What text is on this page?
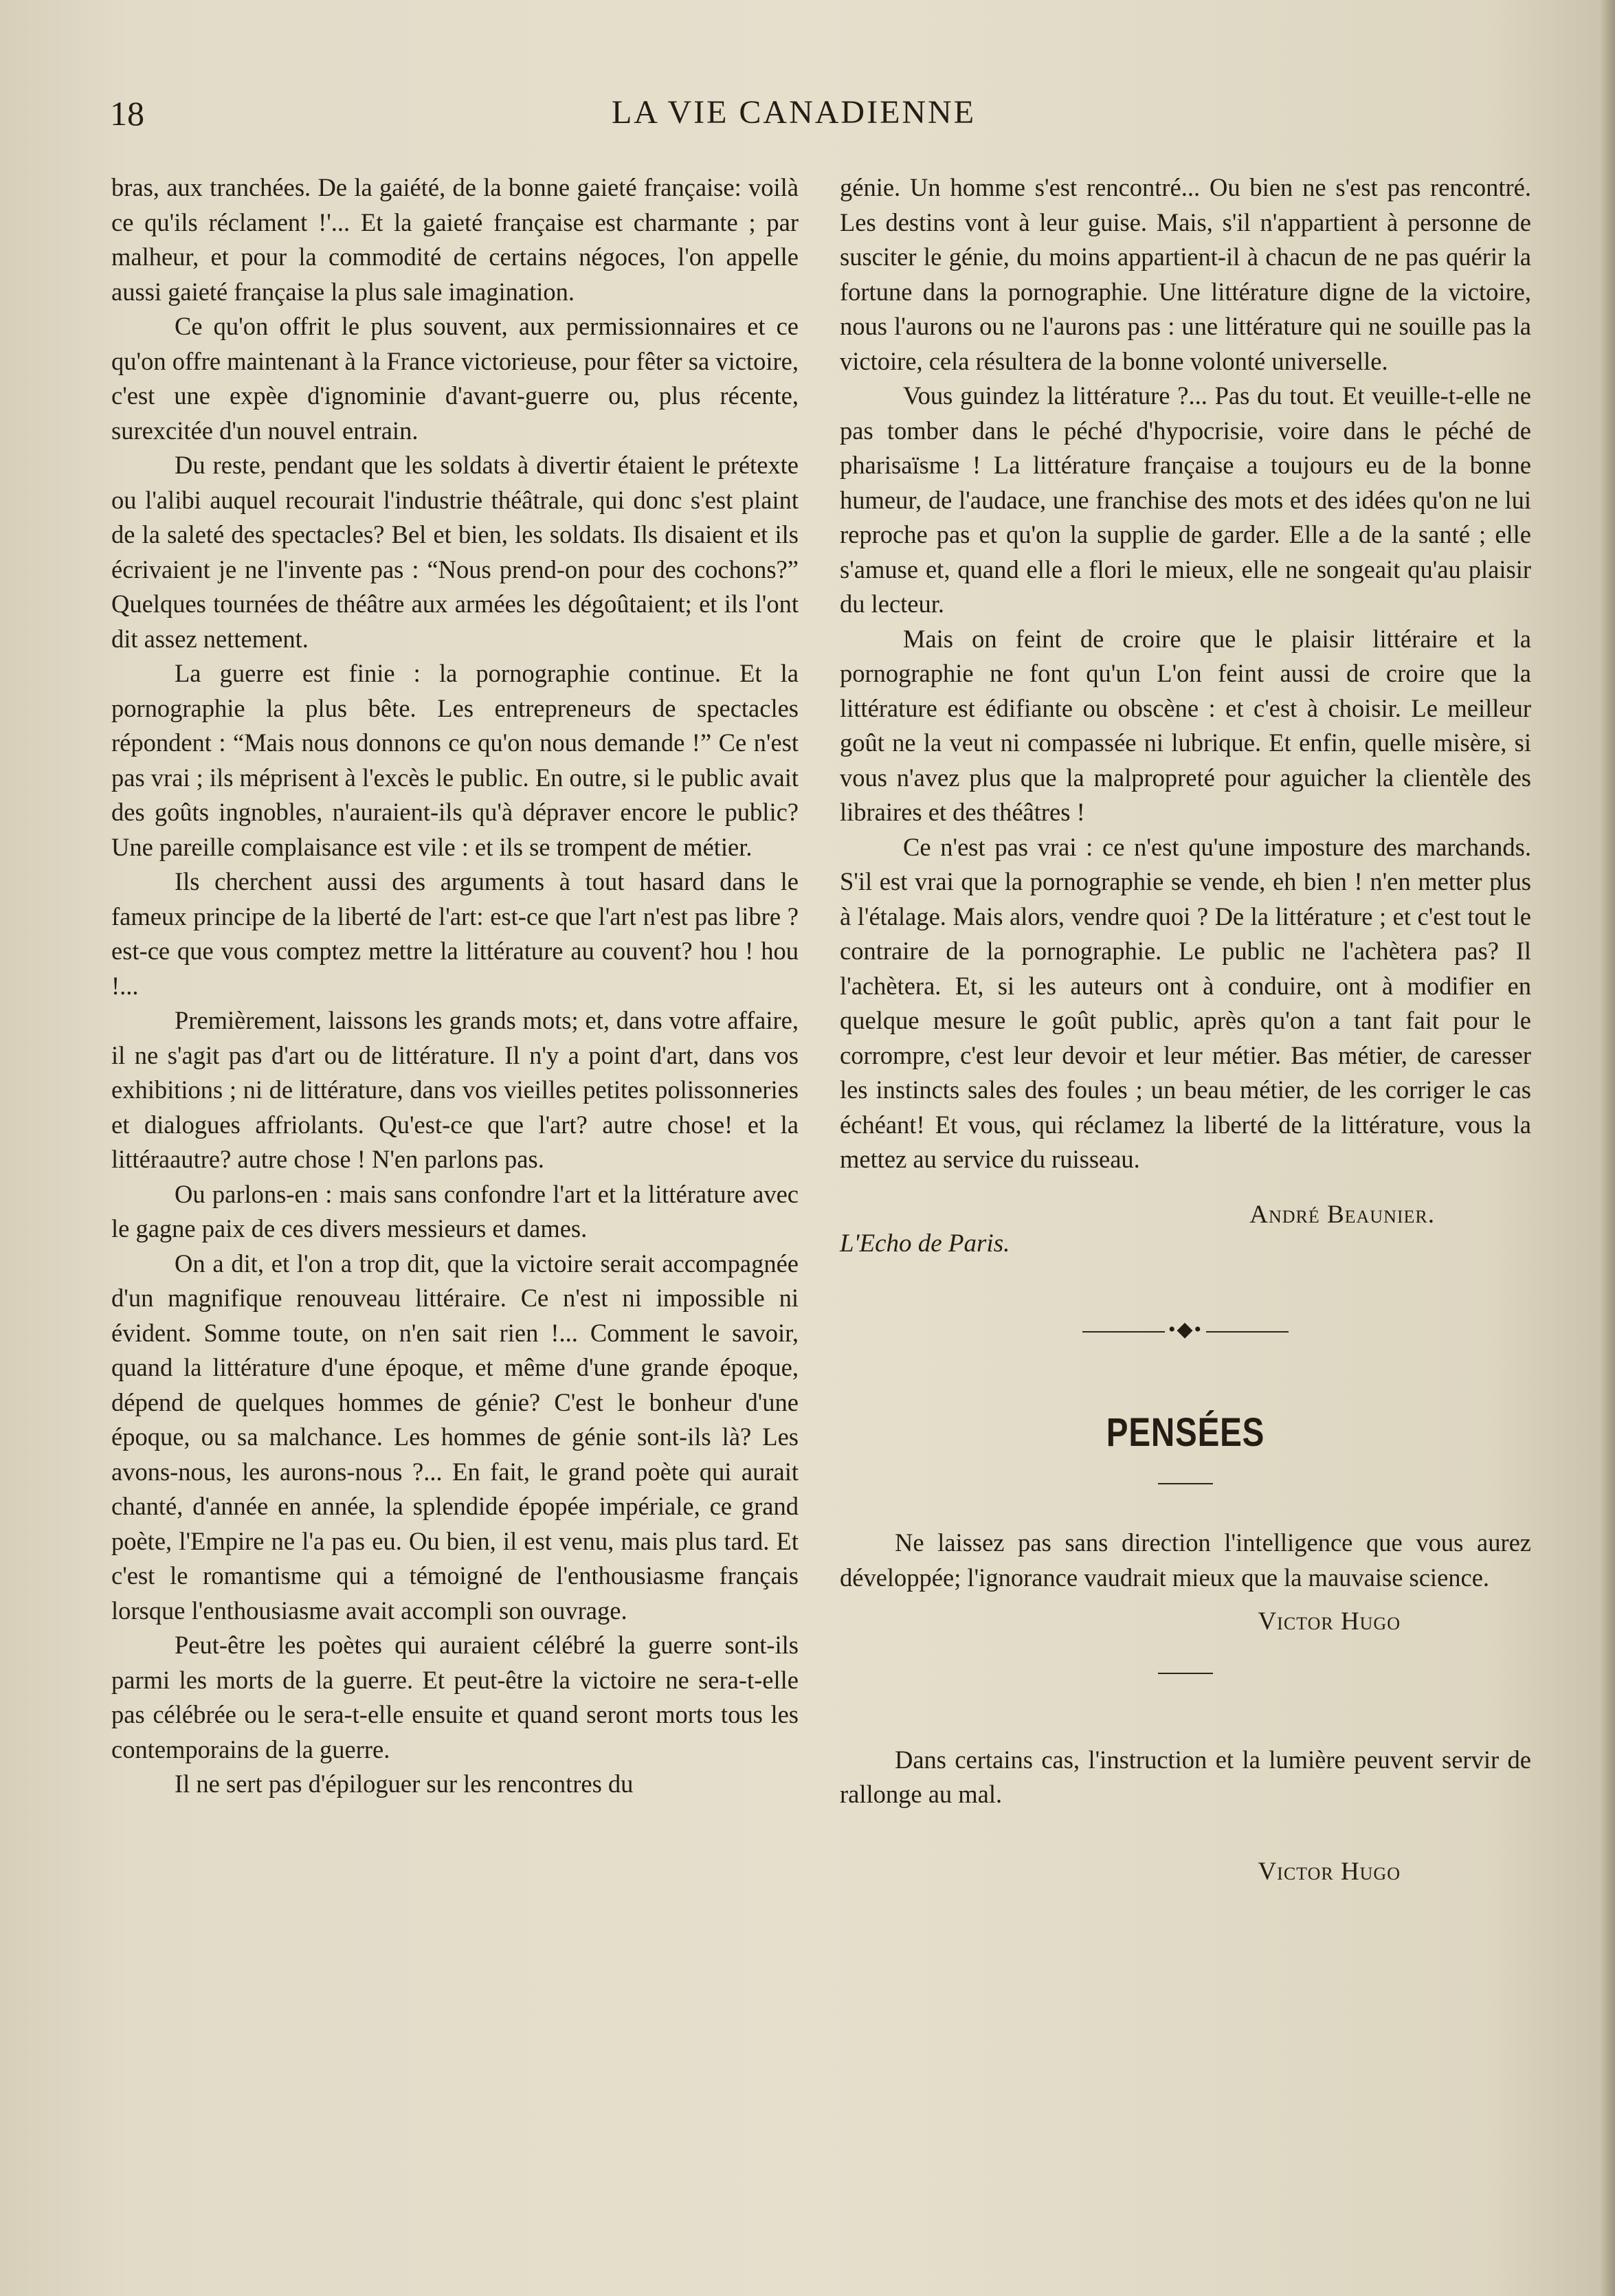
18	LA VIE CANADIENNE

bras, aux tranchées. De la gaiété, de la bonne gaieté française: voilà ce qu'ils réclament !'... Et la gaieté française est charmante ; par malheur, et pour la commodité de certains négoces, l'on appelle aussi gaieté française la plus sale imagination.

Ce qu'on offrit le plus souvent, aux permissionnaires et ce qu'on offre maintenant à la France victorieuse, pour fêter sa victoire, c'est une expèe d'ignominie d'avant-guerre ou, plus récente, surexcitée d'un nouvel entrain.

Du reste, pendant que les soldats à divertir étaient le prétexte ou l'alibi auquel recourait l'industrie théâtrale, qui donc s'est plaint de la saleté des spectacles? Bel et bien, les soldats. Ils disaient et ils écrivaient je ne l'invente pas : “Nous prend-on pour des cochons?” Quelques tournées de théâtre aux armées les dégoûtaient; et ils l'ont dit assez nettement.

La guerre est finie : la pornographie continue. Et la pornographie la plus bête. Les entrepreneurs de spectacles répondent : “Mais nous donnons ce qu'on nous demande !” Ce n'est pas vrai ; ils méprisent à l'excès le public. En outre, si le public avait des goûts ingnobles, n'auraient-ils qu'à dépraver encore le public? Une pareille complaisance est vile : et ils se trompent de métier.

Ils cherchent aussi des arguments à tout hasard dans le fameux principe de la liberté de l'art: est-ce que l'art n'est pas libre ? est-ce que vous comptez mettre la littérature au couvent? hou ! hou !...

Premièrement, laissons les grands mots; et, dans votre affaire, il ne s'agit pas d'art ou de littérature. Il n'y a point d'art, dans vos exhibitions ; ni de littérature, dans vos vieilles petites polissonneries et dialogues affriolants. Qu'est-ce que l'art? autre chose! et la littéraautre? autre chose ! N'en parlons pas.

Ou parlons-en : mais sans confondre l'art et la littérature avec le gagne paix de ces divers messieurs et dames.

On a dit, et l'on a trop dit, que la victoire serait accompagnée d'un magnifique renouveau littéraire. Ce n'est ni impossible ni évident. Somme toute, on n'en sait rien !... Comment le savoir, quand la littérature d'une époque, et même d'une grande époque, dépend de quelques hommes de génie? C'est le bonheur d'une époque, ou sa malchance. Les hommes de génie sont-ils là? Les avons-nous, les aurons-nous ?... En fait, le grand poète qui aurait chanté, d'année en année, la splendide épopée impériale, ce grand poète, l'Empire ne l'a pas eu. Ou bien, il est venu, mais plus tard. Et c'est le romantisme qui a témoigné de l'enthousiasme français lorsque l'enthousiasme avait accompli son ouvrage.

Peut-être les poètes qui auraient célébré la guerre sont-ils parmi les morts de la guerre. Et peut-être la victoire ne sera-t-elle pas célébrée ou le sera-t-elle ensuite et quand seront morts tous les contemporains de la guerre.

Il ne sert pas d'épiloguer sur les rencontres du

génie. Un homme s'est rencontré... Ou bien ne s'est pas rencontré. Les destins vont à leur guise. Mais, s'il n'appartient à personne de susciter le génie, du moins appartient-il à chacun de ne pas quérir la fortune dans la pornographie. Une littérature digne de la victoire, nous l'aurons ou ne l'aurons pas : une littérature qui ne souille pas la victoire, cela résultera de la bonne volonté universelle.

Vous guindez la littérature ?... Pas du tout. Et veuille-t-elle ne pas tomber dans le péché d'hypocrisie, voire dans le péché de pharisaïsme ! La littérature française a toujours eu de la bonne humeur, de l'audace, une franchise des mots et des idées qu'on ne lui reproche pas et qu'on la supplie de garder. Elle a de la santé ; elle s'amuse et, quand elle a flori le mieux, elle ne songeait qu'au plaisir du lecteur.

Mais on feint de croire que le plaisir littéraire et la pornographie ne font qu'un L'on feint aussi de croire que la littérature est édifiante ou obscène : et c'est à choisir. Le meilleur goût ne la veut ni compassée ni lubrique. Et enfin, quelle misère, si vous n'avez plus que la malpropreté pour aguicher la clientèle des libraires et des théâtres !

Ce n'est pas vrai : ce n'est qu'une imposture des marchands. S'il est vrai que la pornographie se vende, eh bien ! n'en metter plus à l'étalage. Mais alors, vendre quoi ? De la littérature ; et c'est tout le contraire de la pornographie. Le public ne l'achètera pas? Il l'achètera. Et, si les auteurs ont à conduire, ont à modifier en quelque mesure le goût public, après qu'on a tant fait pour le corrompre, c'est leur devoir et leur métier. Bas métier, de caresser les instincts sales des foules ; un beau métier, de les corriger le cas échéant! Et vous, qui réclamez la liberté de la littérature, vous la mettez au service du ruisseau.

André Beaunier.
L'Echo de Paris.
•◆•
PENSÉES

Ne laissez pas sans direction l'intelligence que vous aurez développée; l'ignorance vaudrait mieux que la mauvaise science.

Victor Hugo

Dans certains cas, l'instruction et la lumière peuvent servir de rallonge au mal.

Victor Hugo
